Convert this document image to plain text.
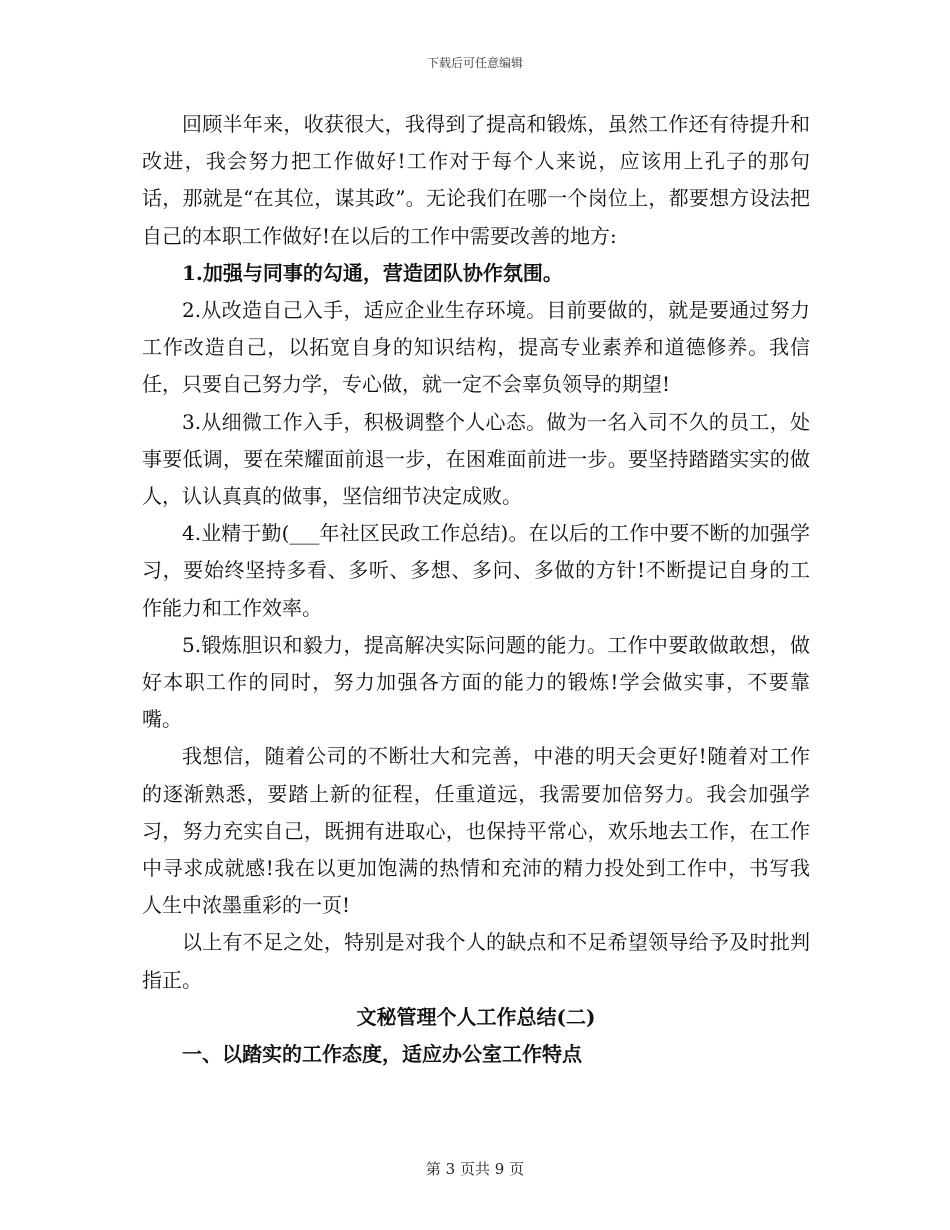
下载后可任意编辑

回顾半年来，收获很大，我得到了提高和锻炼，虽然工作还有待提升和改进，我会努力把工作做好!工作对于每个人来说，应该用上孔子的那句话，那就是“在其位，谋其政”。无论我们在哪一个岗位上，都要想方设法把自己的本职工作做好!在以后的工作中需要改善的地方:

1.加强与同事的勾通，营造团队协作氛围。

2.从改造自己入手，适应企业生存环境。目前要做的，就是要通过努力工作改造自己，以拓宽自身的知识结构，提高专业素养和道德修养。我信任，只要自己努力学，专心做，就一定不会辜负领导的期望!

3.从细微工作入手，积极调整个人心态。做为一名入司不久的员工，处事要低调，要在荣耀面前退一步，在困难面前进一步。要坚持踏踏实实的做人，认认真真的做事，坚信细节决定成败。

4.业精于勤(___年社区民政工作总结)。在以后的工作中要不断的加强学习，要始终坚持多看、多听、多想、多问、多做的方针!不断提记自身的工作能力和工作效率。

5.锻炼胆识和毅力，提高解决实际问题的能力。工作中要敢做敢想，做好本职工作的同时，努力加强各方面的能力的锻炼!学会做实事，不要靠嘴。

我想信，随着公司的不断壮大和完善，中港的明天会更好!随着对工作的逐渐熟悉，要踏上新的征程，任重道远，我需要加倍努力。我会加强学习，努力充实自己，既拥有进取心，也保持平常心，欢乐地去工作，在工作中寻求成就感!我在以更加饱满的热情和充沛的精力投处到工作中，书写我人生中浓墨重彩的一页!

以上有不足之处，特别是对我个人的缺点和不足希望领导给予及时批判指正。

文秘管理个人工作总结(二)

一、以踏实的工作态度，适应办公室工作特点

第 3 页共 9 页
